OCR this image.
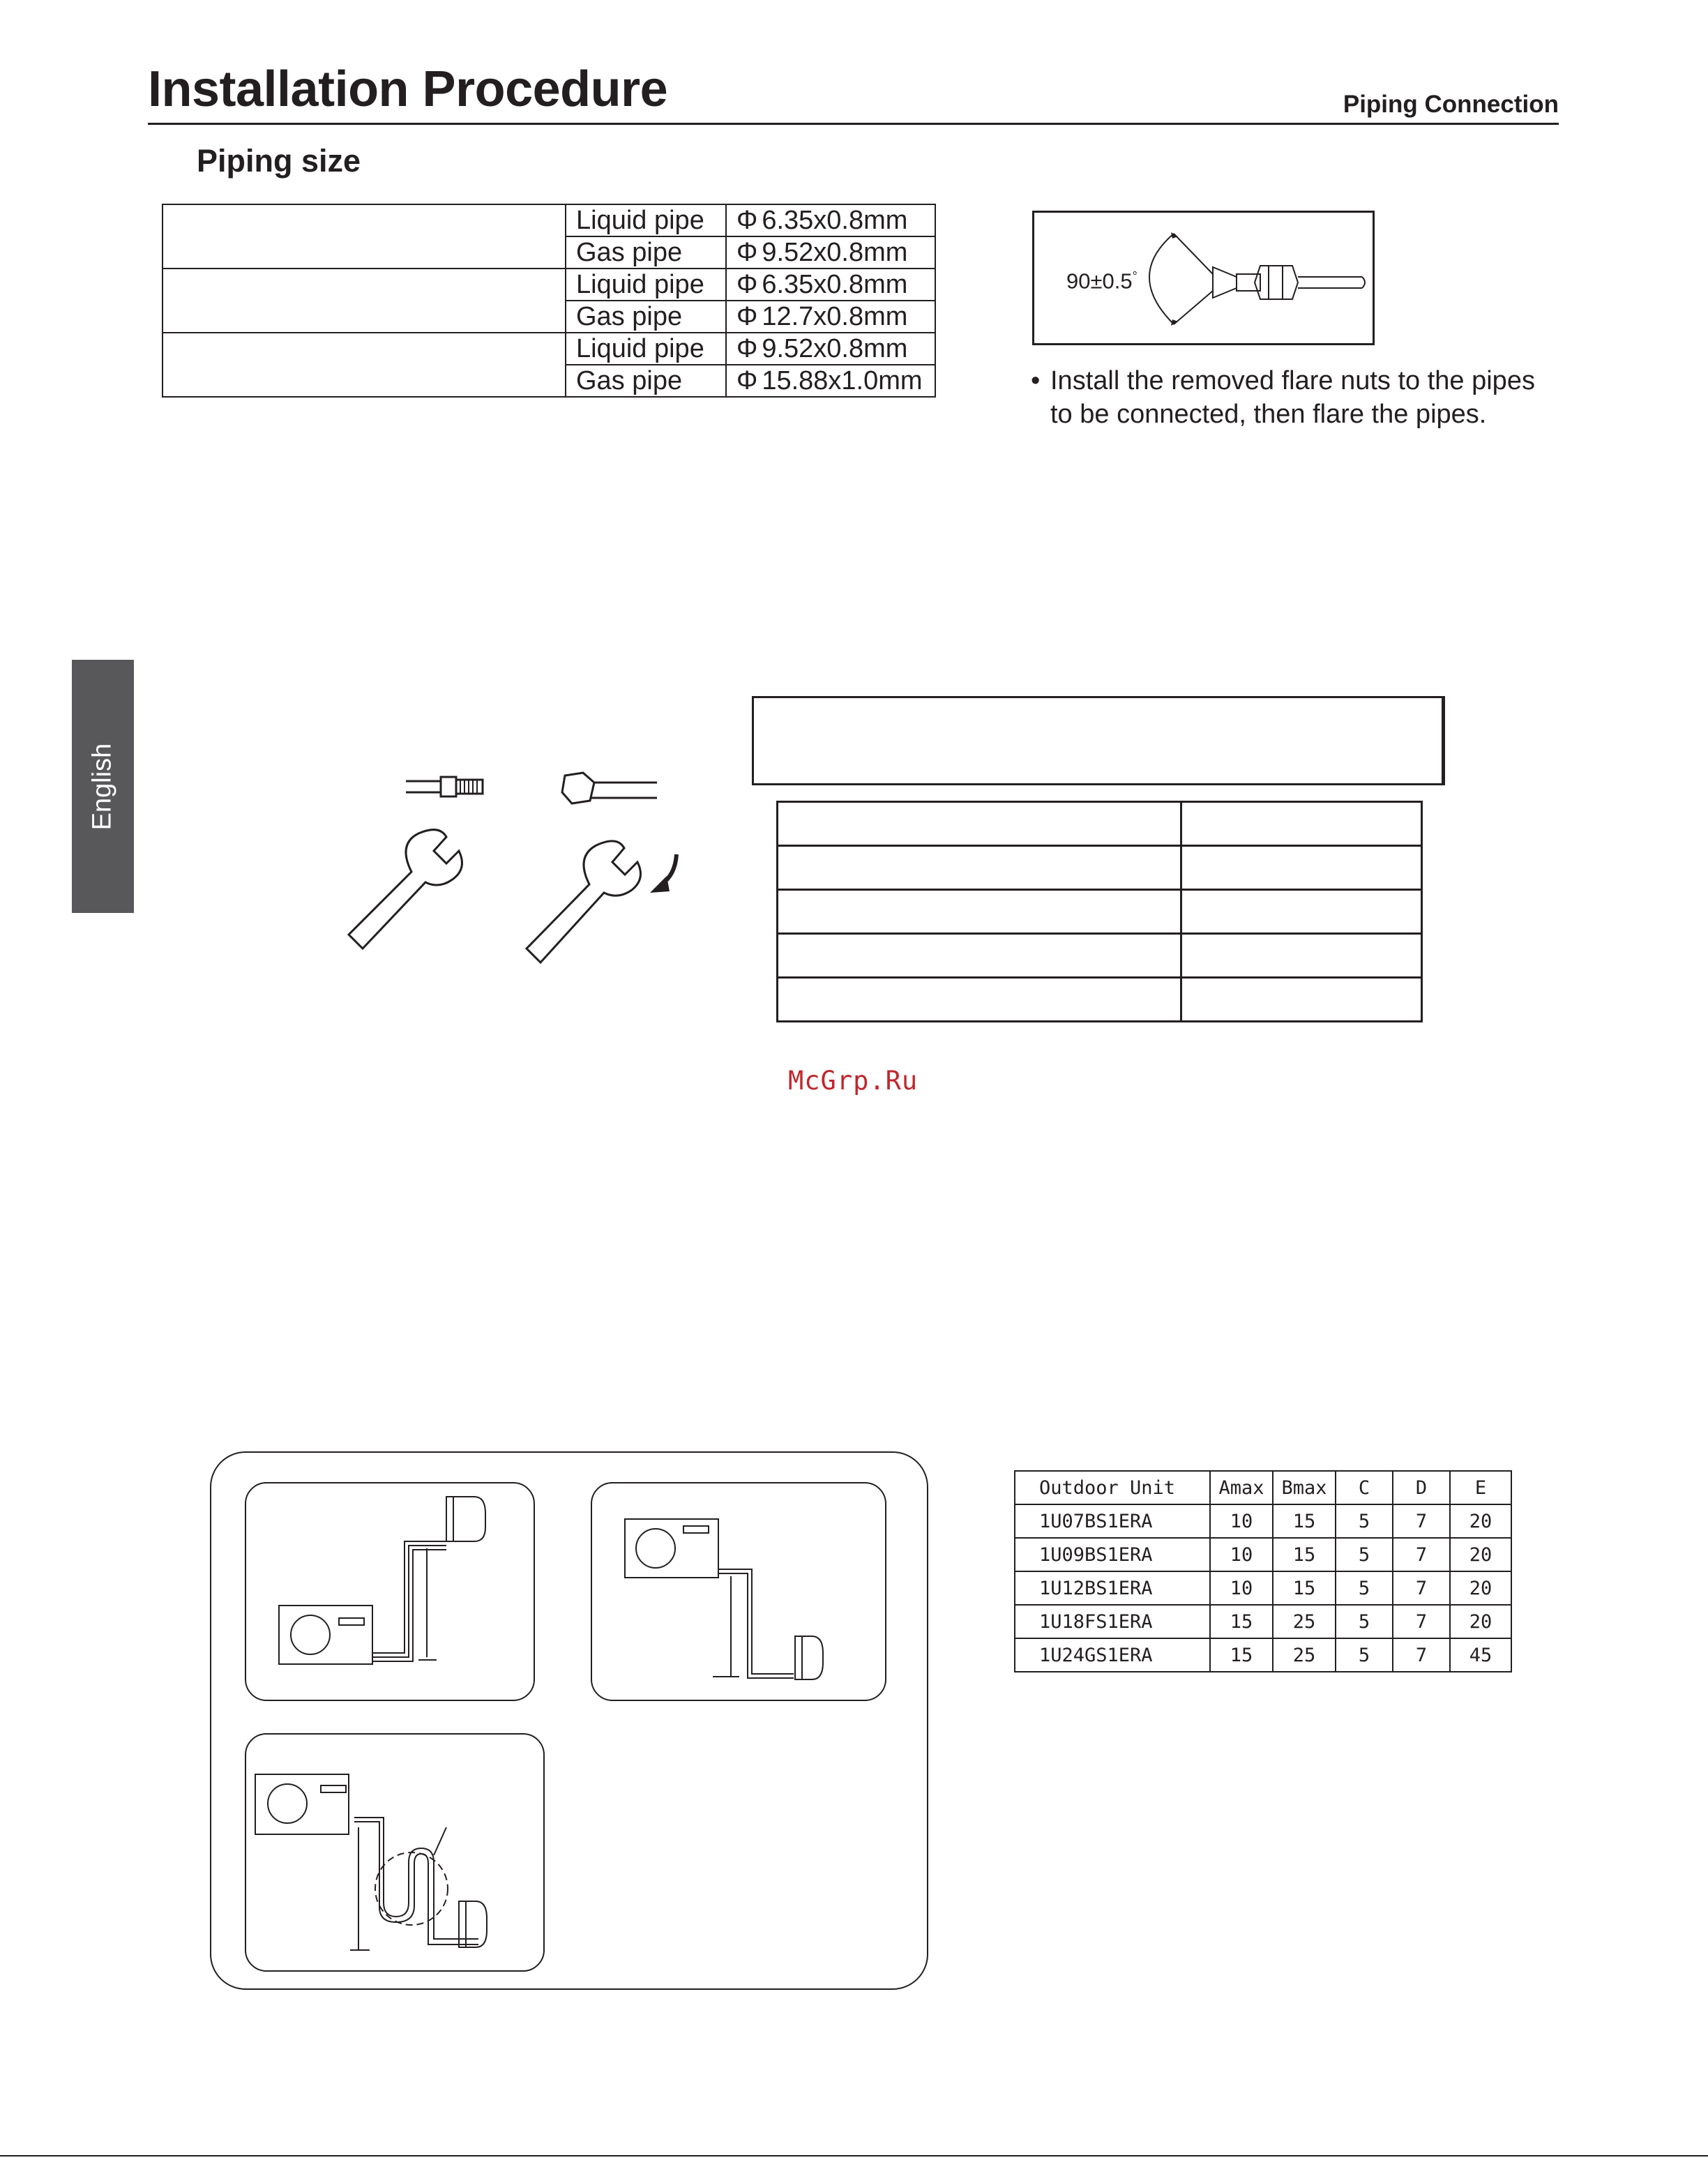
Installation Procedure	Piping Connection
Piping size
	Liquid pipe	Φ 6.35x0.8mm
	Gas pipe	Φ 9.52x0.8mm
	Liquid pipe	Φ 6.35x0.8mm
	Gas pipe	Φ 12.7x0.8mm
	Liquid pipe	Φ 9.52x0.8mm
	Gas pipe	Φ 15.88x1.0mm
90±0.5°
• Install the removed flare nuts to the pipes
to be connected, then flare the pipes.
English

McGrp.Ru
Outdoor Unit	Amax	Bmax	C	D	E
1U07BS1ERA	10	15	5	7	20
1U09BS1ERA	10	15	5	7	20
1U12BS1ERA	10	15	5	7	20
1U18FS1ERA	15	25	5	7	20
1U24GS1ERA	15	25	5	7	45
